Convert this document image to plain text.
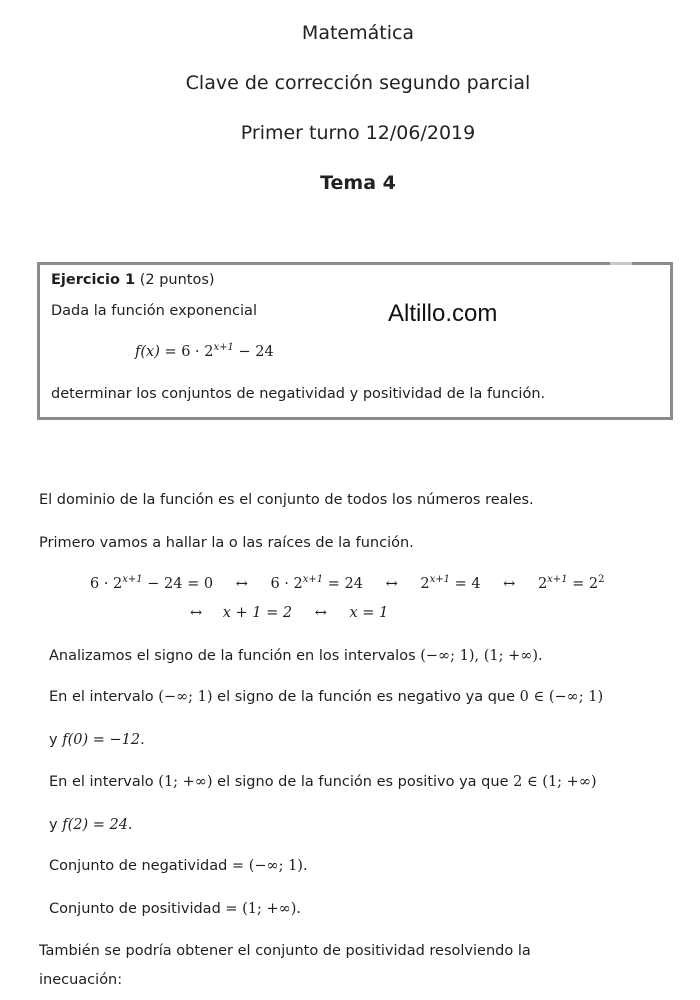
Matemática
Clave de corrección segundo parcial
Primer turno 12/06/2019
Tema 4
Ejercicio 1 (2 puntos)
Dada la función exponencial
$f(x) = 6 \cdot 2^{x+1} - 24$
determinar los conjuntos de negatividad y positividad de la función.
Altillo.com
El dominio de la función es el conjunto de todos los números reales.
Primero vamos a hallar la o las raíces de la función.
$6 \cdot 2^{x+1} - 24 = 0$ ↔ $6 \cdot 2^{x+1} = 24$ ↔ $2^{x+1} = 4$ ↔ $2^{x+1} = 2^2$
↔ x + 1 = 2 ↔ x = 1
Analizamos el signo de la función en los intervalos (−∞; 1), (1; +∞).
En el intervalo (−∞; 1) el signo de la función es negativo ya que 0 ∈ (−∞; 1)
y f(0) = −12.
En el intervalo (1; +∞) el signo de la función es positivo ya que 2 ∈ (1; +∞)
y f(2) = 24.
Conjunto de negatividad = (−∞; 1).
Conjunto de positividad = (1; +∞).
También se podría obtener el conjunto de positividad resolviendo la
inecuación:
